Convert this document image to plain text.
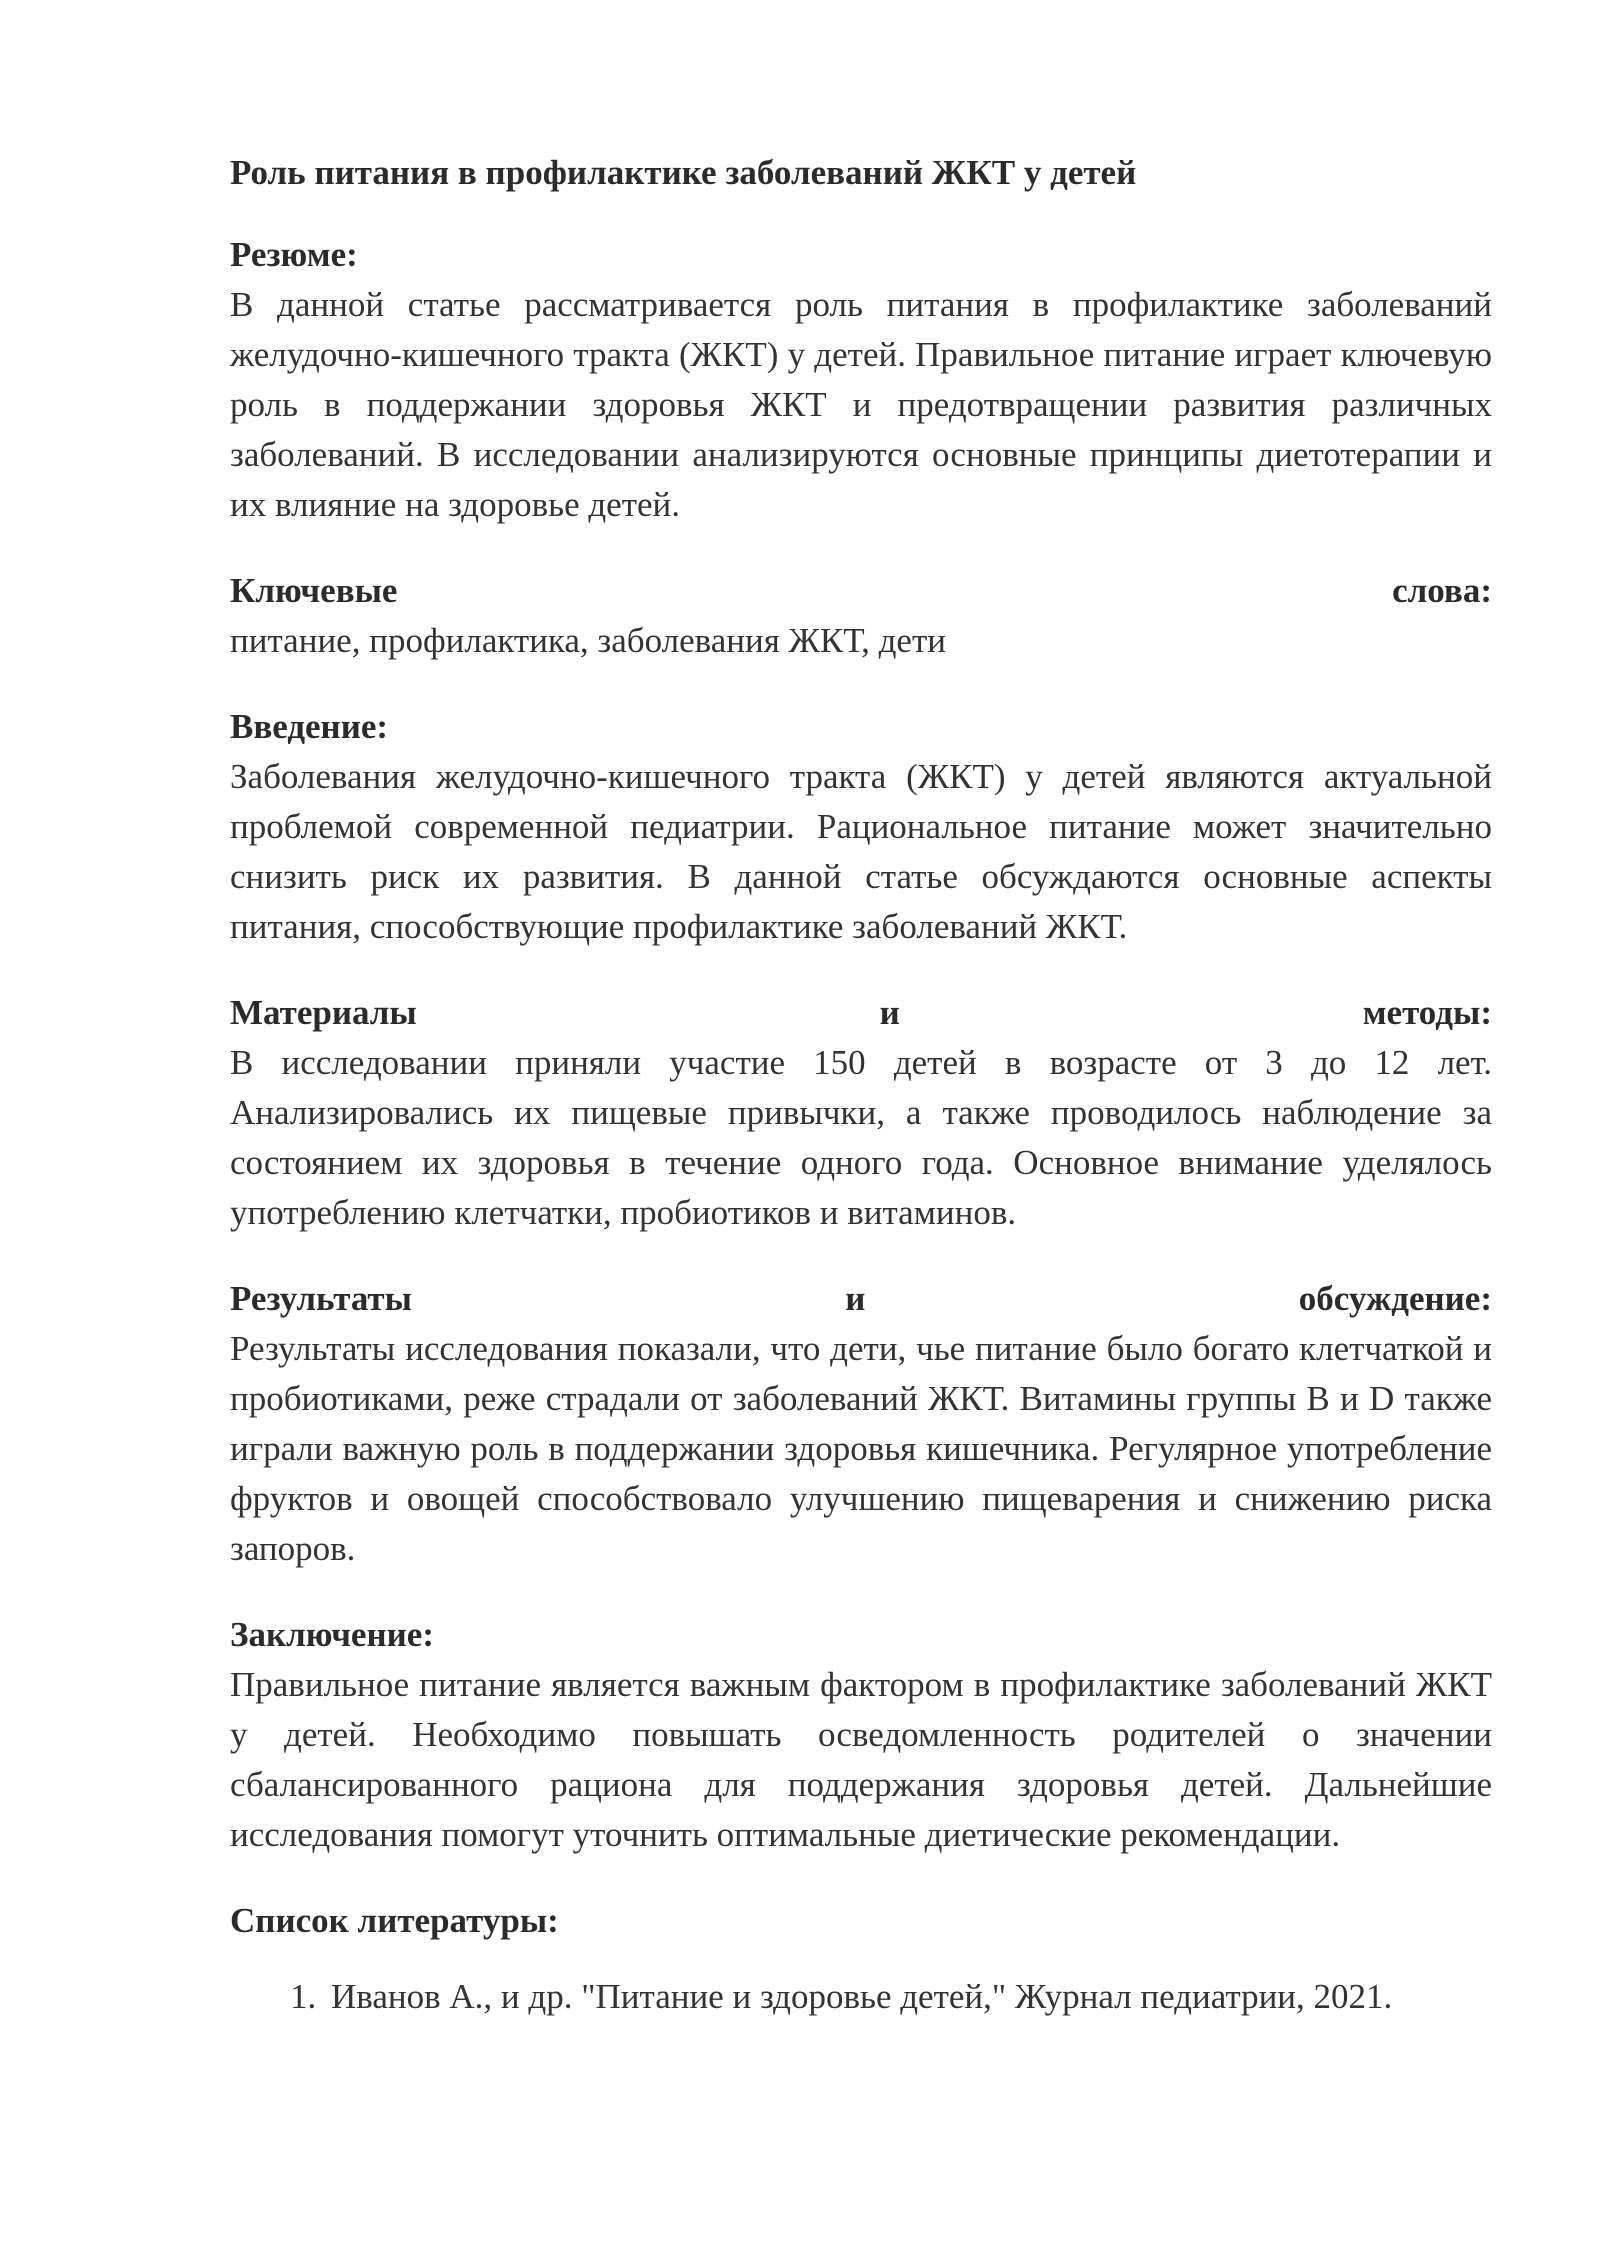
Роль питания в профилактике заболеваний ЖКТ у детей
Резюме:

В данной статье рассматривается роль питания в профилактике заболеваний желудочно-кишечного тракта (ЖКТ) у детей. Правильное питание играет ключевую роль в поддержании здоровья ЖКТ и предотвращении развития различных заболеваний. В исследовании анализируются основные принципы диетотерапии и их влияние на здоровье детей.

Ключевые слова:

питание, профилактика, заболевания ЖКТ, дети

Введение:

Заболевания желудочно-кишечного тракта (ЖКТ) у детей являются актуальной проблемой современной педиатрии. Рациональное питание может значительно снизить риск их развития. В данной статье обсуждаются основные аспекты питания, способствующие профилактике заболеваний ЖКТ.

Материалы и методы:

В исследовании приняли участие 150 детей в возрасте от 3 до 12 лет. Анализировались их пищевые привычки, а также проводилось наблюдение за состоянием их здоровья в течение одного года. Основное внимание уделялось употреблению клетчатки, пробиотиков и витаминов.

Результаты и обсуждение:

Результаты исследования показали, что дети, чье питание было богато клетчаткой и пробиотиками, реже страдали от заболеваний ЖКТ. Витамины группы B и D также играли важную роль в поддержании здоровья кишечника. Регулярное употребление фруктов и овощей способствовало улучшению пищеварения и снижению риска запоров.

Заключение:

Правильное питание является важным фактором в профилактике заболеваний ЖКТ у детей. Необходимо повышать осведомленность родителей о значении сбалансированного рациона для поддержания здоровья детей. Дальнейшие исследования помогут уточнить оптимальные диетические рекомендации.

Список литературы:
1. Иванов А., и др. "Питание и здоровье детей," Журнал педиатрии, 2021.
